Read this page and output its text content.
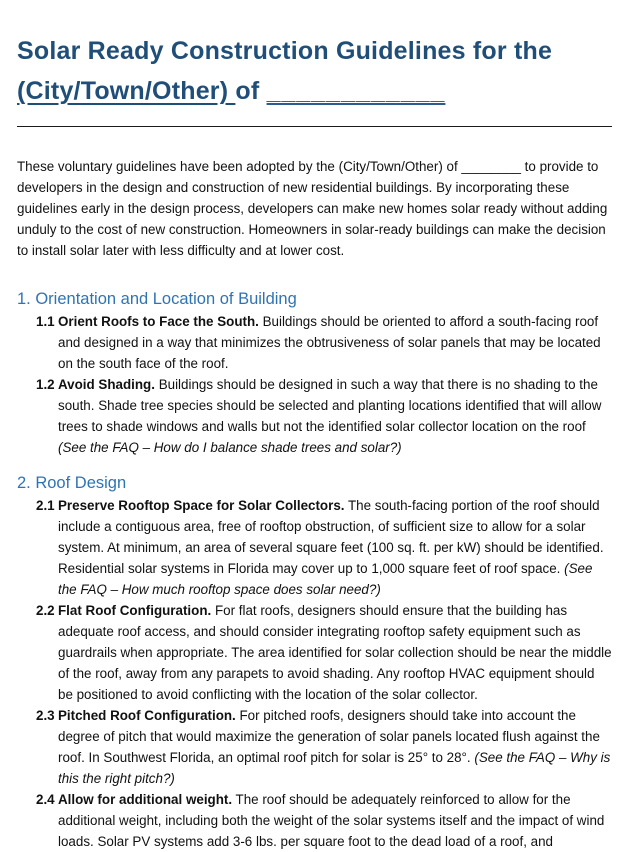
Solar Ready Construction Guidelines for the
(City/Town/Other) of ____________

These voluntary guidelines have been adopted by the (City/Town/Other) of ________ to provide to developers in the design and construction of new residential buildings. By incorporating these guidelines early in the design process, developers can make new homes solar ready without adding unduly to the cost of new construction. Homeowners in solar-ready buildings can make the decision to install solar later with less difficulty and at lower cost.

1. Orientation and Location of Building
1.1 Orient Roofs to Face the South. Buildings should be oriented to afford a south-facing roof and designed in a way that minimizes the obtrusiveness of solar panels that may be located on the south face of the roof.
1.2 Avoid Shading. Buildings should be designed in such a way that there is no shading to the south. Shade tree species should be selected and planting locations identified that will allow trees to shade windows and walls but not the identified solar collector location on the roof (See the FAQ – How do I balance shade trees and solar?)
2. Roof Design
2.1 Preserve Rooftop Space for Solar Collectors. The south-facing portion of the roof should include a contiguous area, free of rooftop obstruction, of sufficient size to allow for a solar system. At minimum, an area of several square feet (100 sq. ft. per kW) should be identified. Residential solar systems in Florida may cover up to 1,000 square feet of roof space. (See the FAQ – How much rooftop space does solar need?)
2.2 Flat Roof Configuration. For flat roofs, designers should ensure that the building has adequate roof access, and should consider integrating rooftop safety equipment such as guardrails when appropriate. The area identified for solar collection should be near the middle of the roof, away from any parapets to avoid shading. Any rooftop HVAC equipment should be positioned to avoid conflicting with the location of the solar collector.
2.3 Pitched Roof Configuration. For pitched roofs, designers should take into account the degree of pitch that would maximize the generation of solar panels located flush against the roof. In Southwest Florida, an optimal roof pitch for solar is 25° to 28°. (See the FAQ – Why is this the right pitch?)
2.4 Allow for additional weight. The roof should be adequately reinforced to allow for the additional weight, including both the weight of the solar systems itself and the impact of wind loads. Solar PV systems add 3-6 lbs. per square foot to the dead load of a roof, and
